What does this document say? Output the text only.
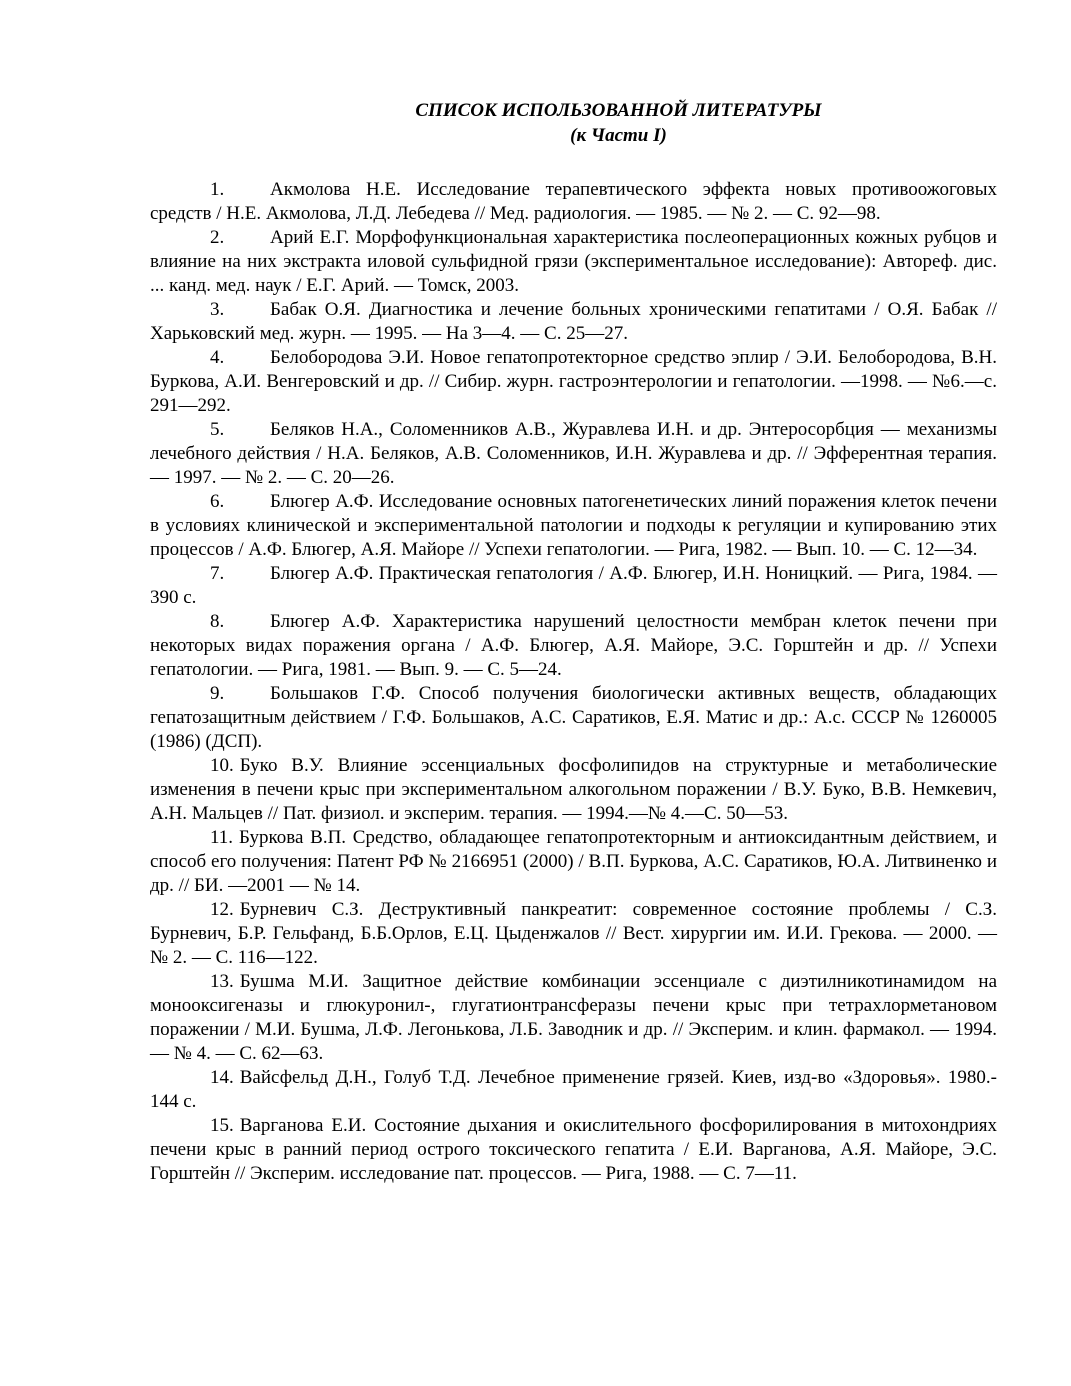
СПИСОК ИСПОЛЬЗОВАННОЙ ЛИТЕРАТУРЫ

(к Части I)

1. Акмолова Н.Е. Исследование терапевтического эффекта новых противоожоговых средств / Н.Е. Акмолова, Л.Д. Лебедева // Мед. радиология. — 1985. — № 2. — С. 92—98.

2. Арий Е.Г. Морфофункциональная характеристика послеоперационных кожных рубцов и влияние на них экстракта иловой сульфидной грязи (экспериментальное исследование): Автореф. дис. ... канд. мед. наук / Е.Г. Арий. — Томск, 2003.

3. Бабак О.Я. Диагностика и лечение больных хроническими гепатитами / О.Я. Бабак // Харьковский мед. журн. — 1995. — На 3—4. — С. 25—27.

4. Белобородова Э.И. Новое гепатопротекторное средство эплир / Э.И. Белобородова, В.Н. Буркова, А.И. Венгеровский и др. // Сибир. журн. гастроэнтерологии и гепатологии. —1998. — №6.—с. 291—292.

5. Беляков Н.А., Соломенников А.В., Журавлева И.Н. и др. Энтеросорбция — механизмы лечебного действия / Н.А. Беляков, А.В. Соломенников, И.Н. Журавлева и др. // Эфферентная терапия. — 1997. — № 2. — С. 20—26.

6. Блюгер А.Ф. Исследование основных патогенетических линий поражения клеток печени в условиях клинической и экспериментальной патологии и подходы к регуляции и купированию этих процессов / А.Ф. Блюгер, А.Я. Майоре // Успехи гепатологии. — Рига, 1982. — Вып. 10. — С. 12—34.

7. Блюгер А.Ф. Практическая гепатология / А.Ф. Блюгер, И.Н. Ноницкий. — Рига, 1984. — 390 с.

8. Блюгер А.Ф. Характеристика нарушений целостности мембран клеток печени при некоторых видах поражения органа / А.Ф. Блюгер, А.Я. Майоре, Э.С. Горштейн и др. // Успехи гепатологии. — Рига, 1981. — Вып. 9. — С. 5—24.

9. Большаков Г.Ф. Способ получения биологически активных веществ, обладающих гепатозащитным действием / Г.Ф. Большаков, А.С. Саратиков, Е.Я. Матис и др.: А.с. СССР № 1260005 (1986) (ДСП).

10. Буко В.У. Влияние эссенциальных фосфолипидов на структурные и метаболические изменения в печени крыс при экспериментальном алкогольном поражении / В.У. Буко, В.В. Немкевич, А.Н. Мальцев // Пат. физиол. и эксперим. терапия. — 1994.—№ 4.—С. 50—53.

11. Буркова В.П. Средство, обладающее гепатопротекторным и антиоксидантным действием, и способ его получения: Патент РФ № 2166951 (2000) / В.П. Буркова, А.С. Саратиков, Ю.А. Литвиненко и др. // БИ. —2001 — № 14.

12. Бурневич С.З. Деструктивный панкреатит: современное состояние проблемы / С.З. Бурневич, Б.Р. Гельфанд, Б.Б.Орлов, Е.Ц. Цыденжалов // Вест. хирургии им. И.И. Грекова. — 2000. — № 2. — С. 116—122.

13. Бушма М.И. Защитное действие комбинации эссенциале с диэтилникотинамидом на монооксигеназы и глюкуронил-, глугатионтрансферазы печени крыс при тетрахлорметановом поражении / М.И. Бушма, Л.Ф. Легонькова, Л.Б. Заводник и др. // Эксперим. и клин. фармакол. — 1994. — № 4. — С. 62—63.

14. Вайсфельд Д.Н., Голуб Т.Д. Лечебное применение грязей. Киев, изд-во «Здоровья». 1980.- 144 с.

15. Варганова Е.И. Состояние дыхания и окислительного фосфорилирования в митохондриях печени крыс в ранний период острого токсического гепатита / Е.И. Варганова, А.Я. Майоре, Э.С. Горштейн // Эксперим. исследование пат. процессов. — Рига, 1988. — С. 7—11.
